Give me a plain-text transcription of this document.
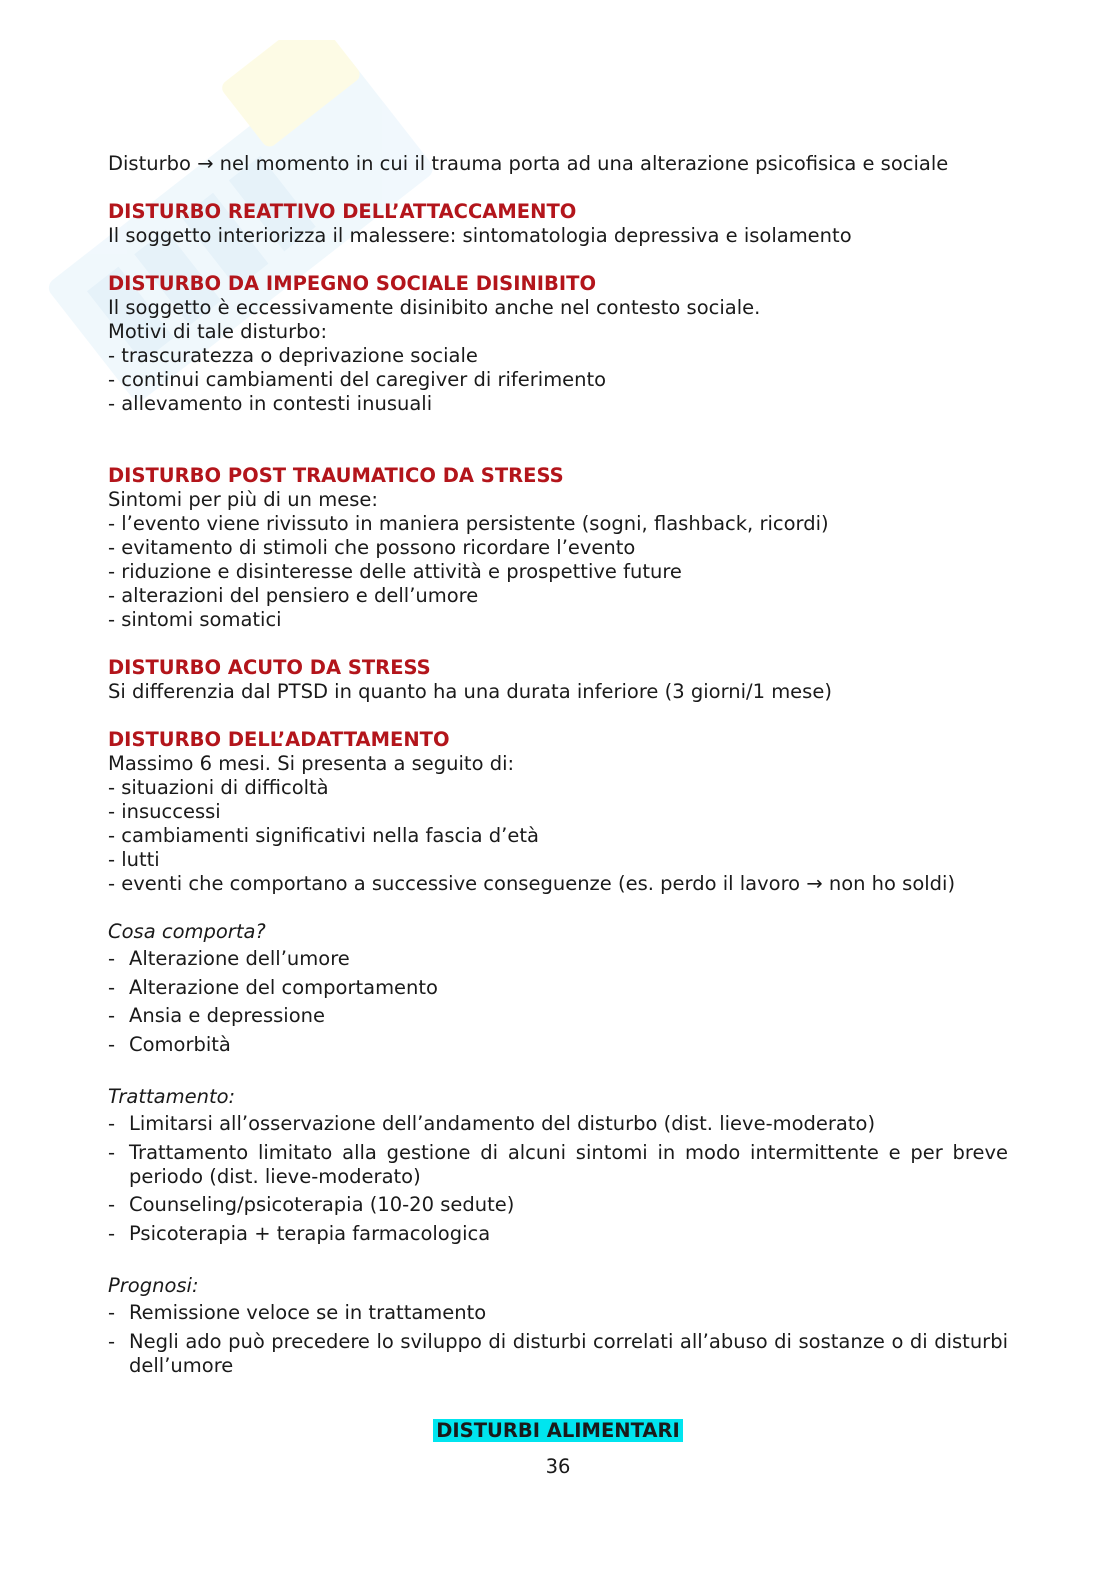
Disturbo → nel momento in cui il trauma porta ad una alterazione psicofisica e sociale
DISTURBO REATTIVO DELL’ATTACCAMENTO
Il soggetto interiorizza il malessere: sintomatologia depressiva e isolamento
DISTURBO DA IMPEGNO SOCIALE DISINIBITO
Il soggetto è eccessivamente disinibito anche nel contesto sociale.
Motivi di tale disturbo:
- trascuratezza o deprivazione sociale
- continui cambiamenti del caregiver di riferimento
- allevamento in contesti inusuali
DISTURBO POST TRAUMATICO DA STRESS
Sintomi per più di un mese:
- l’evento viene rivissuto in maniera persistente (sogni, flashback, ricordi)
- evitamento di stimoli che possono ricordare l’evento
- riduzione e disinteresse delle attività e prospettive future
- alterazioni del pensiero e dell’umore
- sintomi somatici
DISTURBO ACUTO DA STRESS
Si differenzia dal PTSD in quanto ha una durata inferiore (3 giorni/1 mese)
DISTURBO DELL’ADATTAMENTO
Massimo 6 mesi. Si presenta a seguito di:
- situazioni di difficoltà
- insuccessi
- cambiamenti significativi nella fascia d’età
- lutti
- eventi che comportano a successive conseguenze (es. perdo il lavoro → non ho soldi)
Cosa comporta?
- Alterazione dell’umore
- Alterazione del comportamento
- Ansia e depressione
- Comorbità
Trattamento:
- Limitarsi all’osservazione dell’andamento del disturbo (dist. lieve-moderato)
- Trattamento limitato alla gestione di alcuni sintomi in modo intermittente e per breve periodo (dist. lieve-moderato)
- Counseling/psicoterapia (10-20 sedute)
- Psicoterapia + terapia farmacologica
Prognosi:
- Remissione veloce se in trattamento
- Negli ado può precedere lo sviluppo di disturbi correlati all’abuso di sostanze o di disturbi dell’umore
DISTURBI ALIMENTARI
36
